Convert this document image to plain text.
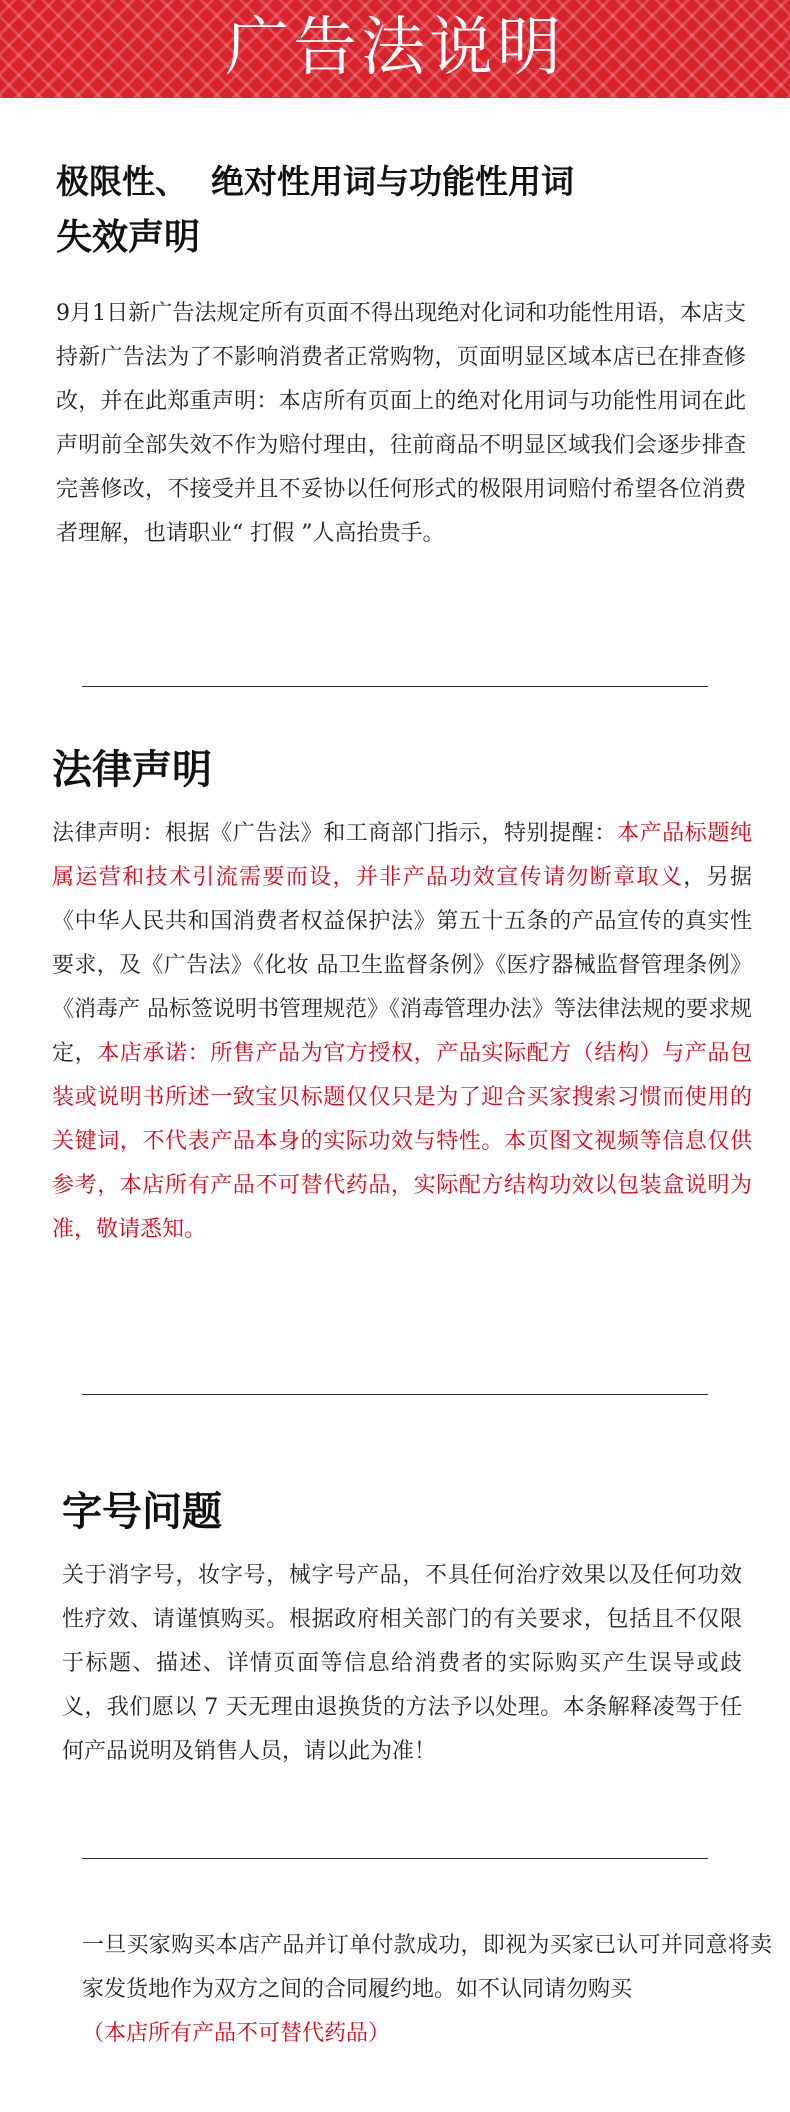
广告法说明
极限性、  绝对性用词与功能性用词
失效声明
9月1日新广告法规定所有页面不得出现绝对化词和功能性用语，本店支持新广告法为了不影响消费者正常购物，页面明显区域本店已在排查修改，并在此郑重声明：本店所有页面上的绝对化用词与功能性用词在此声明前全部失效不作为赔付理由，往前商品不明显区域我们会逐步排查完善修改，不接受并且不妥协以任何形式的极限用词赔付希望各位消费者理解，也请职业“ 打假 ”人高抬贵手。
法律声明
法律声明：根据《广告法》和工商部门指示，特别提醒：本产品标题纯属运营和技术引流需要而设，并非产品功效宣传请勿断章取义，另据《中华人民共和国消费者权益保护法》第五十五条的产品宣传的真实性要求，及《广告法》《化妆 品卫生监督条例》《医疗器械监督管理条例》《消毒产 品标签说明书管理规范》《消毒管理办法》等法律法规的要求规定，本店承诺：所售产品为官方授权，产品实际配方（结构）与产品包装或说明书所述一致宝贝标题仅仅只是为了迎合买家搜索习惯而使用的关键词，不代表产品本身的实际功效与特性。本页图文视频等信息仅供参考，本店所有产品不可替代药品，实际配方结构功效以包装盒说明为准，敬请悉知。
字号问题
关于消字号，妆字号，械字号产品，不具任何治疗效果以及任何功效性疗效、请谨慎购买。根据政府相关部门的有关要求，包括且不仅限于标题、描述、详情页面等信息给消费者的实际购买产生误导或歧义，我们愿以 7 天无理由退换货的方法予以处理。本条解释凌驾于任何产品说明及销售人员，请以此为准！
一旦买家购买本店产品并订单付款成功，即视为买家已认可并同意将卖家发货地作为双方之间的合同履约地。如不认同请勿购买
（本店所有产品不可替代药品）
